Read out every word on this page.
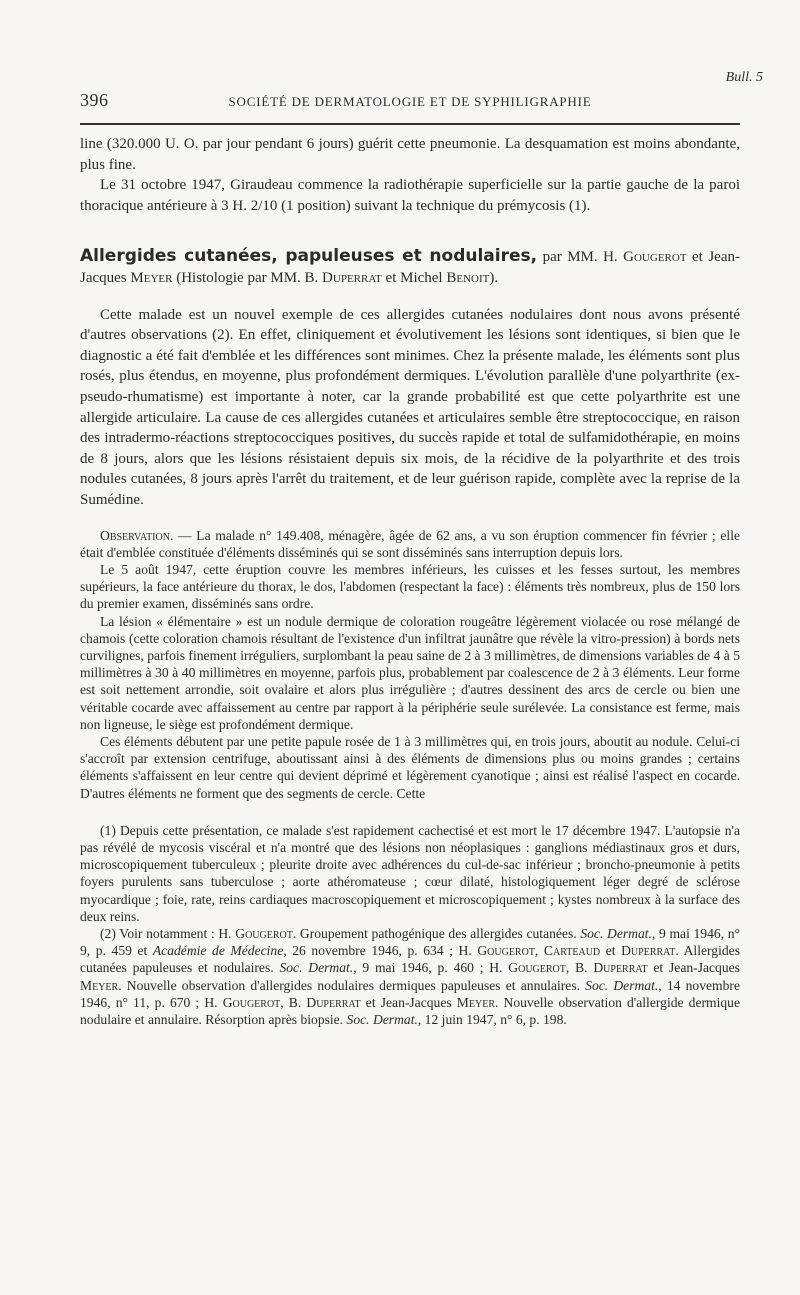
Bull. 5
396	SOCIÉTÉ DE DERMATOLOGIE ET DE SYPHILIGRAPHIE

line (320.000 U. O. par jour pendant 6 jours) guérit cette pneumonie. La desquamation est moins abondante, plus fine.

Le 31 octobre 1947, Giraudeau commence la radiothérapie superficielle sur la partie gauche de la paroi thoracique antérieure à 3 H. 2/10 (1 position) suivant la technique du prémycosis (1).

Allergides cutanées, papuleuses et nodulaires, par MM. H. Gougerot et Jean-Jacques Meyer (Histologie par MM. B. Duperrat et Michel Benoit).

Cette malade est un nouvel exemple de ces allergides cutanées nodulaires dont nous avons présenté d'autres observations (2). En effet, cliniquement et évolutivement les lésions sont identiques, si bien que le diagnostic a été fait d'emblée et les différences sont minimes. Chez la présente malade, les éléments sont plus rosés, plus étendus, en moyenne, plus profondément dermiques. L'évolution parallèle d'une polyarthrite (ex-pseudo-rhumatisme) est importante à noter, car la grande probabilité est que cette polyarthrite est une allergide articulaire. La cause de ces allergides cutanées et articulaires semble être streptococcique, en raison des intradermo-réactions streptococciques positives, du succès rapide et total de sulfamidothérapie, en moins de 8 jours, alors que les lésions résistaient depuis six mois, de la récidive de la polyarthrite et des trois nodules cutanées, 8 jours après l'arrêt du traitement, et de leur guérison rapide, complète avec la reprise de la Sumédine.

Observation. — La malade n° 149.408, ménagère, âgée de 62 ans, a vu son éruption commencer fin février ; elle était d'emblée constituée d'éléments disséminés qui se sont disséminés sans interruption depuis lors.

Le 5 août 1947, cette éruption couvre les membres inférieurs, les cuisses et les fesses surtout, les membres supérieurs, la face antérieure du thorax, le dos, l'abdomen (respectant la face) : éléments très nombreux, plus de 150 lors du premier examen, disséminés sans ordre.

La lésion « élémentaire » est un nodule dermique de coloration rougeâtre légèrement violacée ou rose mélangé de chamois (cette coloration chamois résultant de l'existence d'un infiltrat jaunâtre que révèle la vitro-pression) à bords nets curvilignes, parfois finement irréguliers, surplombant la peau saine de 2 à 3 millimètres, de dimensions variables de 4 à 5 millimètres à 30 à 40 millimètres en moyenne, parfois plus, probablement par coalescence de 2 à 3 éléments. Leur forme est soit nettement arrondie, soit ovalaire et alors plus irrégulière ; d'autres dessinent des arcs de cercle ou bien une véritable cocarde avec affaissement au centre par rapport à la périphérie seule surélevée. La consistance est ferme, mais non ligneuse, le siège est profondément dermique.

Ces éléments débutent par une petite papule rosée de 1 à 3 millimètres qui, en trois jours, aboutit au nodule. Celui-ci s'accroît par extension centrifuge, aboutissant ainsi à des éléments de dimensions plus ou moins grandes ; certains éléments s'affaissent en leur centre qui devient déprimé et légèrement cyanotique ; ainsi est réalisé l'aspect en cocarde. D'autres éléments ne forment que des segments de cercle. Cette

(1) Depuis cette présentation, ce malade s'est rapidement cachectisé et est mort le 17 décembre 1947. L'autopsie n'a pas révélé de mycosis viscéral et n'a montré que des lésions non néoplasiques : ganglions médiastinaux gros et durs, microscopiquement tuberculeux ; pleurite droite avec adhérences du cul-de-sac inférieur ; broncho-pneumonie à petits foyers purulents sans tuberculose ; aorte athéromateuse ; cœur dilaté, histologiquement léger degré de sclérose myocardique ; foie, rate, reins cardiaques macroscopiquement et microscopiquement ; kystes nombreux à la surface des deux reins.

(2) Voir notamment : H. Gougerot. Groupement pathogénique des allergides cutanées. Soc. Dermat., 9 mai 1946, n° 9, p. 459 et Académie de Médecine, 26 novembre 1946, p. 634 ; H. Gougerot, Carteaud et Duperrat. Allergides cutanées papuleuses et nodulaires. Soc. Dermat., 9 mai 1946, p. 460 ; H. Gougerot, B. Duperrat et Jean-Jacques Meyer. Nouvelle observation d'allergides nodulaires dermiques papuleuses et annulaires. Soc. Dermat., 14 novembre 1946, n° 11, p. 670 ; H. Gougerot, B. Duperrat et Jean-Jacques Meyer. Nouvelle observation d'allergide dermique nodulaire et annulaire. Résorption après biopsie. Soc. Dermat., 12 juin 1947, n° 6, p. 198.
